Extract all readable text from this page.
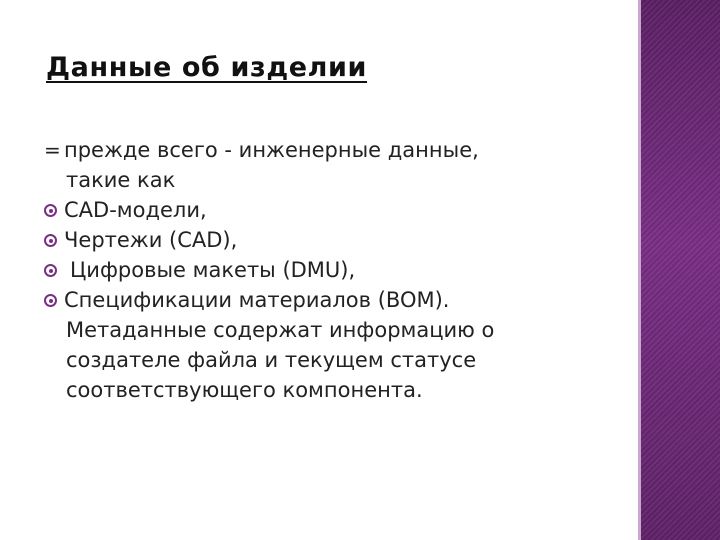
Данные об изделии
= прежде всего - инженерные данные,
такие как
CAD-модели,
Чертежи (CAD),
Цифровые макеты (DMU),
Спецификации материалов (BOM).
Метаданные содержат информацию о
создателе файла и текущем статусе
соответствующего компонента.
